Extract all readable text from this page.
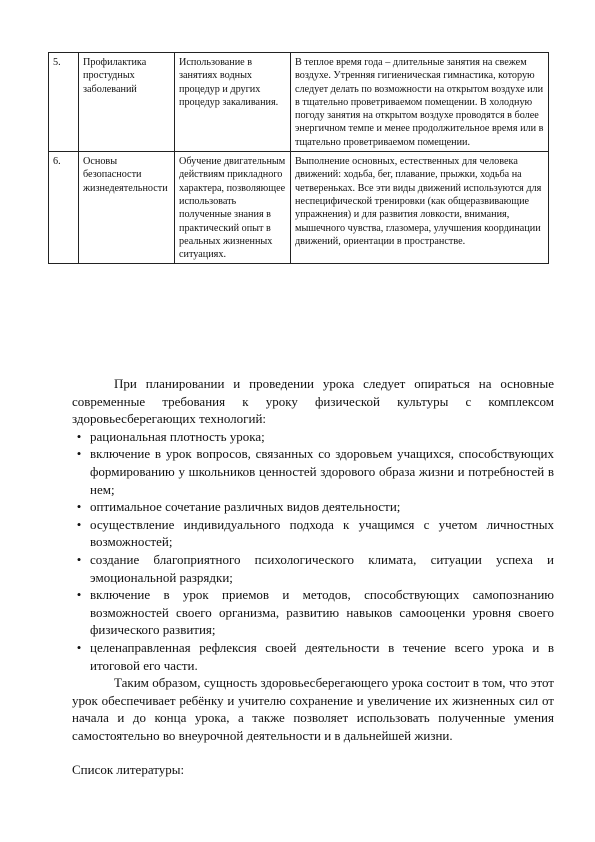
5.	Профилактика простудных заболеваний	Использование в занятиях водных процедур и других процедур закаливания.	В теплое время года – длительные занятия на свежем воздухе. Утренняя гигиеническая гимнастика, которую следует делать по возможности на открытом воздухе или в тщательно проветриваемом помещении. В холодную погоду занятия на открытом воздухе проводятся в более энергичном темпе и менее продолжительное время или в тщательно проветриваемом помещении.
6.	Основы безопасности жизнедеятельности	Обучение двигательным действиям прикладного характера, позволяющее использовать полученные знания в практический опыт в реальных жизненных ситуациях.	Выполнение основных, естественных для человека движений: ходьба, бег, плавание, прыжки, ходьба на четвереньках. Все эти виды движений используются для неспецифической тренировки (как общеразвивающие упражнения) и для развития ловкости, внимания, мышечного чувства, глазомера, улучшения координации движений, ориентации в пространстве.

При планировании и проведении урока следует опираться на основные современные требования к уроку физической культуры с комплексом здоровьесберегающих технологий:

• рациональная плотность урока;
• включение в урок вопросов, связанных со здоровьем учащихся, способствующих формированию у школьников ценностей здорового образа жизни и потребностей в нем;
• оптимальное сочетание различных видов деятельности;
• осуществление индивидуального подхода к учащимся с учетом личностных возможностей;
• создание благоприятного психологического климата, ситуации успеха и эмоциональной разрядки;
• включение в урок приемов и методов, способствующих самопознанию возможностей своего организма, развитию навыков самооценки уровня своего физического развития;
• целенаправленная рефлексия своей деятельности в течение всего урока и в итоговой его части.

Таким образом, сущность здоровьесберегающего урока состоит в том, что этот урок обеспечивает ребёнку и учителю сохранение и увеличение их жизненных сил от начала и до конца урока, а также позволяет использовать полученные умения самостоятельно во внеурочной деятельности и в дальнейшей жизни.

Список литературы:
